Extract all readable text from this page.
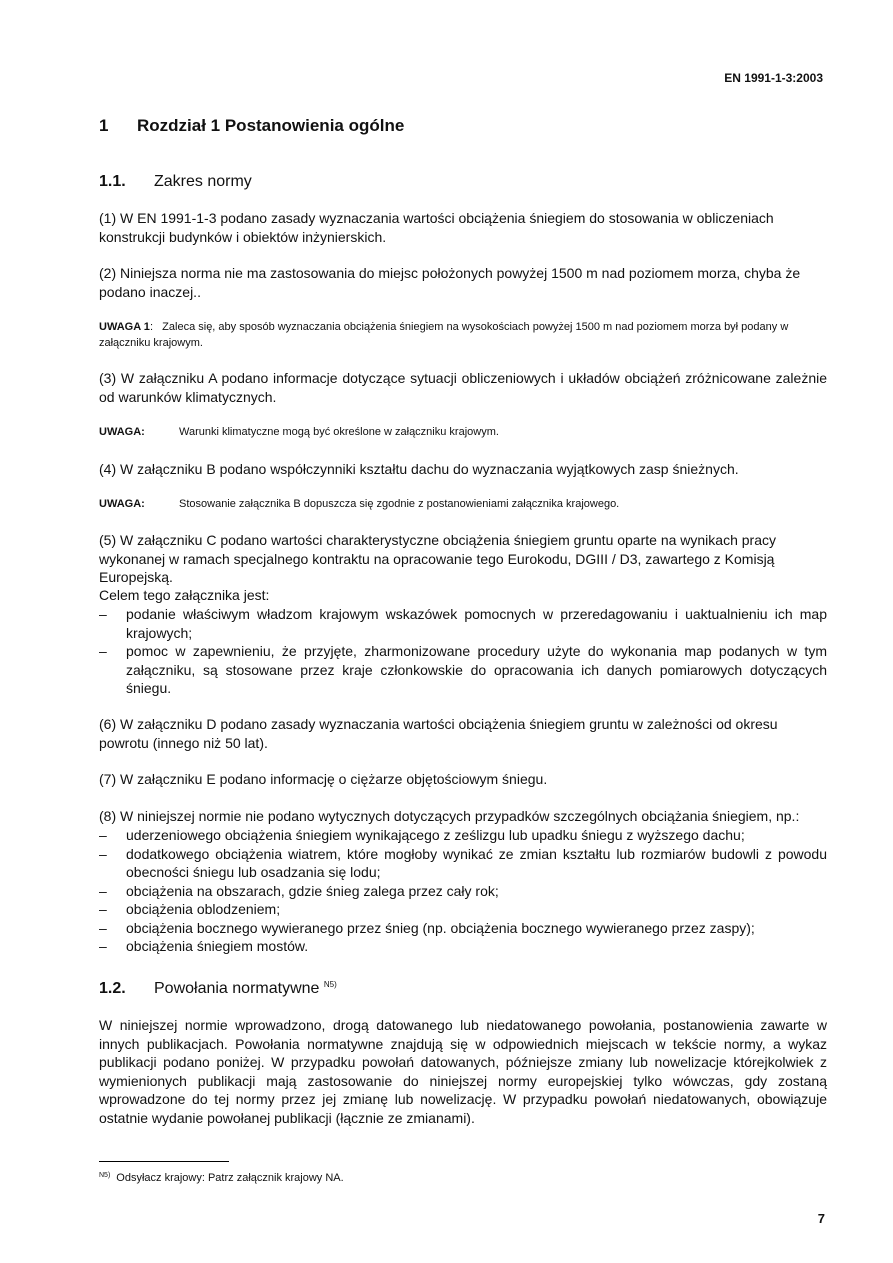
EN 1991-1-3:2003
1 Rozdział 1 Postanowienia ogólne
1.1. Zakres normy
(1) W EN 1991-1-3 podano zasady wyznaczania wartości obciążenia śniegiem do stosowania w obliczeniach konstrukcji budynków i obiektów inżynierskich.
(2) Niniejsza norma nie ma zastosowania do miejsc położonych powyżej 1500 m nad poziomem morza, chyba że podano inaczej..
UWAGA 1:   Zaleca się, aby sposób wyznaczania obciążenia śniegiem na wysokościach powyżej 1500 m nad poziomem morza był podany w załączniku krajowym.
(3) W załączniku A podano informacje dotyczące sytuacji obliczeniowych i układów obciążeń zróżnicowane zależnie od warunków klimatycznych.
UWAGA:	Warunki klimatyczne mogą być określone w załączniku krajowym.
(4) W załączniku B podano współczynniki kształtu dachu do wyznaczania wyjątkowych zasp śnieżnych.
UWAGA:	Stosowanie załącznika B dopuszcza się zgodnie z postanowieniami załącznika krajowego.
(5) W załączniku C podano wartości charakterystyczne obciążenia śniegiem gruntu oparte na wynikach pracy wykonanej w ramach specjalnego kontraktu na opracowanie tego Eurokodu, DGIII / D3, zawartego z Komisją Europejską.
Celem tego załącznika jest:
– podanie właściwym władzom krajowym wskazówek pomocnych w przeredagowaniu i uaktualnieniu ich map krajowych;
– pomoc w zapewnieniu, że przyjęte, zharmonizowane procedury użyte do wykonania map podanych w tym załączniku, są stosowane przez kraje członkowskie do opracowania ich danych pomiarowych dotyczących śniegu.
(6) W załączniku D podano zasady wyznaczania wartości obciążenia śniegiem gruntu w zależności od okresu powrotu (innego niż 50 lat).
(7) W załączniku E podano informację o ciężarze objętościowym śniegu.
(8) W niniejszej normie nie podano wytycznych dotyczących przypadków szczególnych obciążania śniegiem, np.:
– uderzeniowego obciążenia śniegiem wynikającego z ześlizgu lub upadku śniegu z wyższego dachu;
– dodatkowego obciążenia wiatrem, które mogłoby wynikać ze zmian kształtu lub rozmiarów budowli z powodu obecności śniegu lub osadzania się lodu;
– obciążenia na obszarach, gdzie śnieg zalega przez cały rok;
– obciążenia oblodzeniem;
– obciążenia bocznego wywieranego przez śnieg (np. obciążenia bocznego wywieranego przez zaspy);
– obciążenia śniegiem mostów.
1.2. Powołania normatywne $^{N5)}$
W niniejszej normie wprowadzono, drogą datowanego lub niedatowanego powołania, postanowienia zawarte w innych publikacjach. Powołania normatywne znajdują się w odpowiednich miejscach w tekście normy, a wykaz publikacji podano poniżej. W przypadku powołań datowanych, późniejsze zmiany lub nowelizacje którejkolwiek z wymienionych publikacji mają zastosowanie do niniejszej normy europejskiej tylko wówczas, gdy zostaną wprowadzone do tej normy przez jej zmianę lub nowelizację. W przypadku powołań niedatowanych, obowiązuje ostatnie wydanie powołanej publikacji (łącznie ze zmianami).
$^{N5)}$ Odsyłacz krajowy: Patrz załącznik krajowy NA.
7
